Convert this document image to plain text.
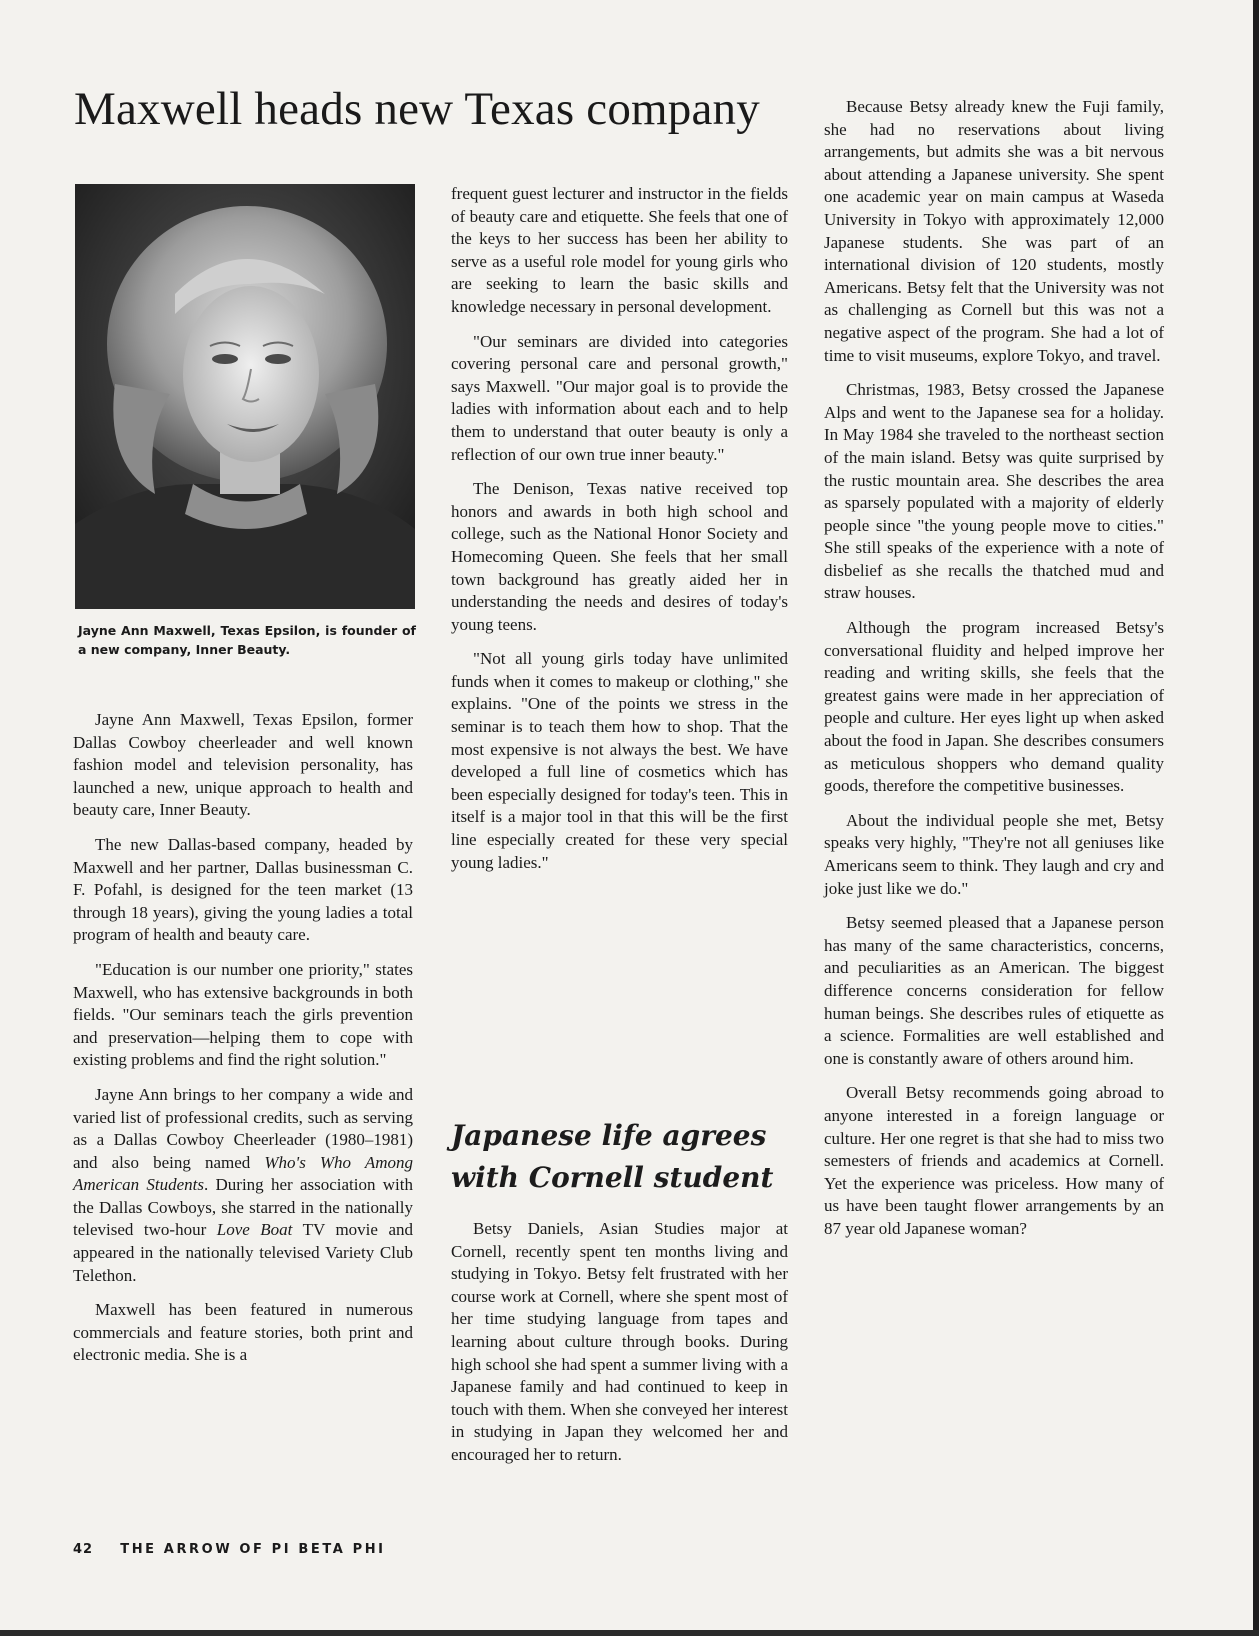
Maxwell heads new Texas company

Jayne Ann Maxwell, Texas Epsilon, is founder of a new company, Inner Beauty.

Jayne Ann Maxwell, Texas Epsilon, former Dallas Cowboy cheerleader and well known fashion model and television personality, has launched a new, unique approach to health and beauty care, Inner Beauty.

The new Dallas-based company, headed by Maxwell and her partner, Dallas businessman C. F. Pofahl, is designed for the teen market (13 through 18 years), giving the young ladies a total program of health and beauty care.

"Education is our number one priority," states Maxwell, who has extensive backgrounds in both fields. "Our seminars teach the girls prevention and preservation—helping them to cope with existing problems and find the right solution."

Jayne Ann brings to her company a wide and varied list of professional credits, such as serving as a Dallas Cowboy Cheerleader (1980–1981) and also being named Who's Who Among American Students. During her association with the Dallas Cowboys, she starred in the nationally televised two-hour Love Boat TV movie and appeared in the nationally televised Variety Club Telethon.

Maxwell has been featured in numerous commercials and feature stories, both print and electronic media. She is a

frequent guest lecturer and instructor in the fields of beauty care and etiquette. She feels that one of the keys to her success has been her ability to serve as a useful role model for young girls who are seeking to learn the basic skills and knowledge necessary in personal development.

"Our seminars are divided into categories covering personal care and personal growth," says Maxwell. "Our major goal is to provide the ladies with information about each and to help them to understand that outer beauty is only a reflection of our own true inner beauty."

The Denison, Texas native received top honors and awards in both high school and college, such as the National Honor Society and Homecoming Queen. She feels that her small town background has greatly aided her in understanding the needs and desires of today's young teens.

"Not all young girls today have unlimited funds when it comes to makeup or clothing," she explains. "One of the points we stress in the seminar is to teach them how to shop. That the most expensive is not always the best. We have developed a full line of cosmetics which has been especially designed for today's teen. This in itself is a major tool in that this will be the first line especially created for these very special young ladies."

Japanese life agrees
with Cornell student

Betsy Daniels, Asian Studies major at Cornell, recently spent ten months living and studying in Tokyo. Betsy felt frustrated with her course work at Cornell, where she spent most of her time studying language from tapes and learning about culture through books. During high school she had spent a summer living with a Japanese family and had continued to keep in touch with them. When she conveyed her interest in studying in Japan they welcomed her and encouraged her to return.

Because Betsy already knew the Fuji family, she had no reservations about living arrangements, but admits she was a bit nervous about attending a Japanese university. She spent one academic year on main campus at Waseda University in Tokyo with approximately 12,000 Japanese students. She was part of an international division of 120 students, mostly Americans. Betsy felt that the University was not as challenging as Cornell but this was not a negative aspect of the program. She had a lot of time to visit museums, explore Tokyo, and travel.

Christmas, 1983, Betsy crossed the Japanese Alps and went to the Japanese sea for a holiday. In May 1984 she traveled to the northeast section of the main island. Betsy was quite surprised by the rustic mountain area. She describes the area as sparsely populated with a majority of elderly people since "the young people move to cities." She still speaks of the experience with a note of disbelief as she recalls the thatched mud and straw houses.

Although the program increased Betsy's conversational fluidity and helped improve her reading and writing skills, she feels that the greatest gains were made in her appreciation of people and culture. Her eyes light up when asked about the food in Japan. She describes consumers as meticulous shoppers who demand quality goods, therefore the competitive businesses.

About the individual people she met, Betsy speaks very highly, "They're not all geniuses like Americans seem to think. They laugh and cry and joke just like we do."

Betsy seemed pleased that a Japanese person has many of the same characteristics, concerns, and peculiarities as an American. The biggest difference concerns consideration for fellow human beings. She describes rules of etiquette as a science. Formalities are well established and one is constantly aware of others around him.

Overall Betsy recommends going abroad to anyone interested in a foreign language or culture. Her one regret is that she had to miss two semesters of friends and academics at Cornell. Yet the experience was priceless. How many of us have been taught flower arrangements by an 87 year old Japanese woman?

42 THE ARROW OF PI BETA PHI
